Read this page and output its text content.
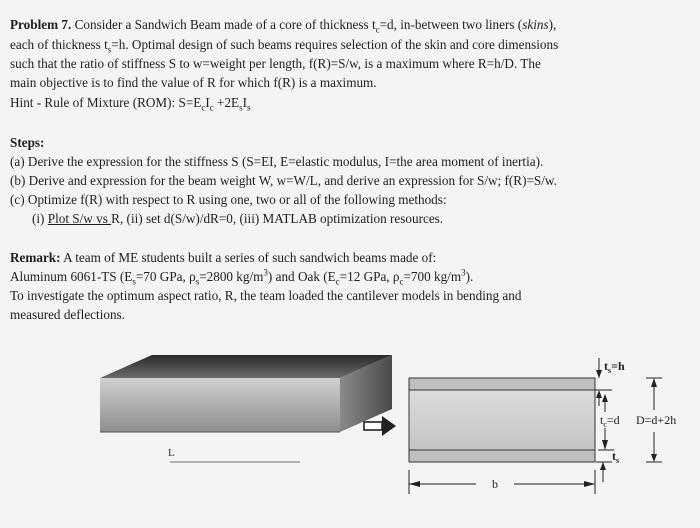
Problem 7. Consider a Sandwich Beam made of a core of thickness $t_c=d$, in-between two liners (skins),

each of thickness $t_s=h$. Optimal design of such beams requires selection of the skin and core dimensions

such that the ratio of stiffness S to w=weight per length, f(R)=S/w, is a maximum where R=h/D. The

main objective is to find the value of R for which f(R) is a maximum.

Hint - Rule of Mixture (ROM): $S=E_cI_c +2E_sI_s$

Steps:

(a) Derive the expression for the stiffness S (S=EI, E=elastic modulus, I=the area moment of inertia).

(b) Derive and expression for the beam weight W, w=W/L, and derive an expression for S/w; f(R)=S/w.

(c) Optimize f(R) with respect to R using one, two or all of the following methods:

(i) Plot S/w vs R, (ii) set d(S/w)/dR=0, (iii) MATLAB optimization resources.

Remark: A team of ME students built a series of such sandwich beams made of:

Aluminum 6061-TS ($E_s=70$ GPa, $\rho_s=2800$ $kg/m^3$) and Oak ($E_c=12$ GPa, $\rho_c=700$ $kg/m^3$).

To investigate the optimum aspect ratio, R, the team loaded the cantilever models in bending and

measured deflections.

L
$t_s=h$
$t_c=d$ D=d+2h
$t_s$
b
